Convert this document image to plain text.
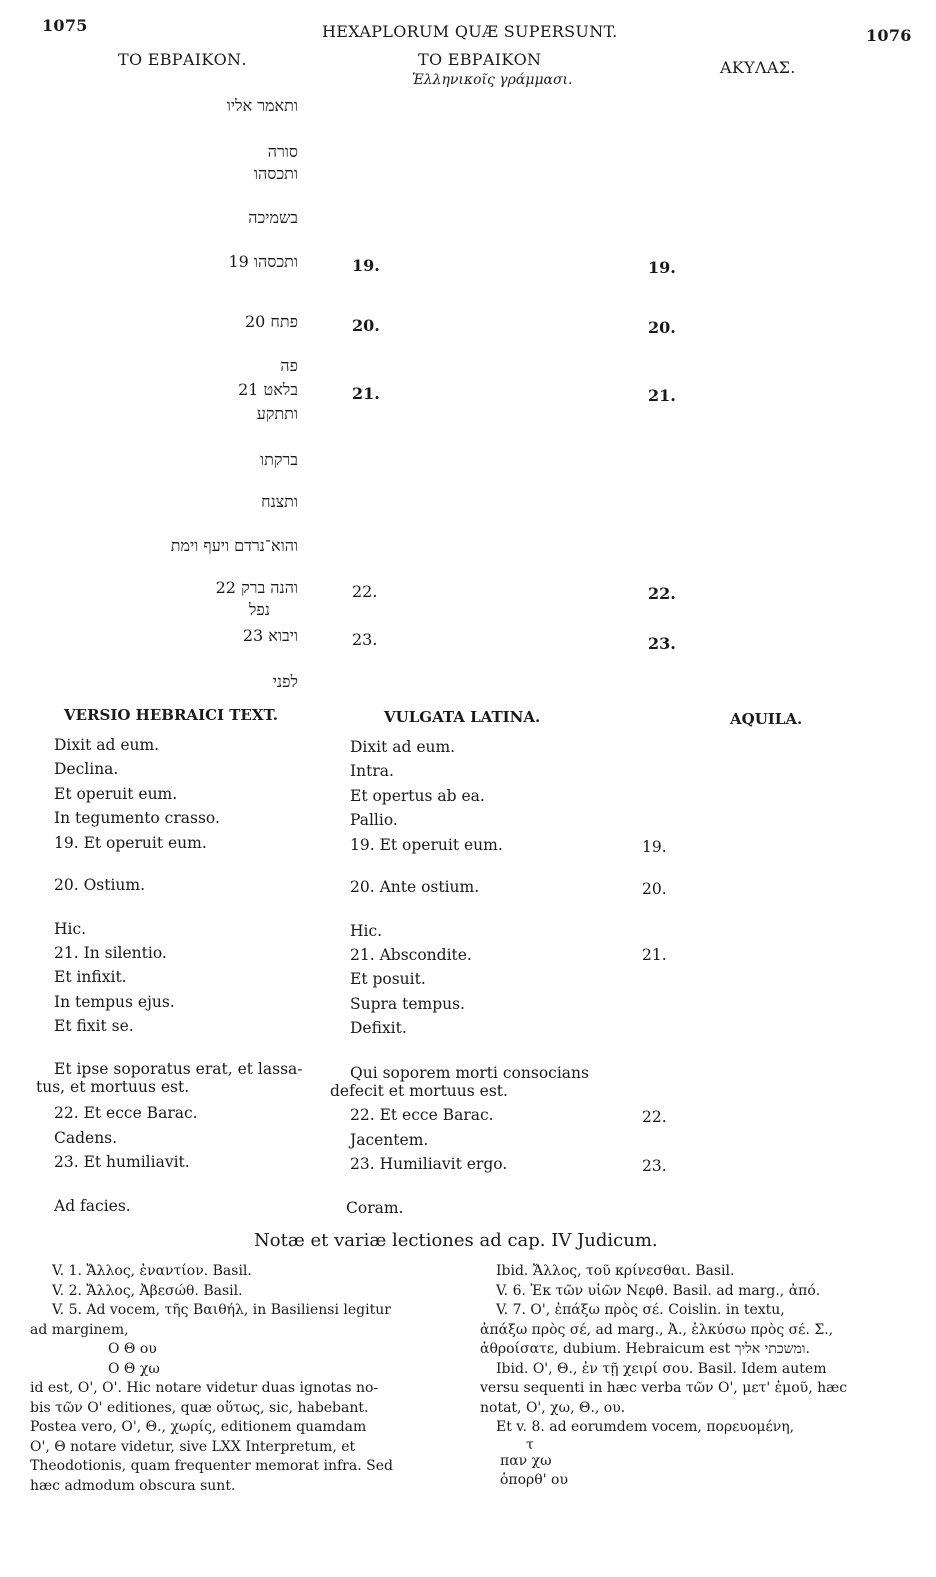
1075	HEXAPLORUM QUÆ SUPERSUNT.	1076
ΤΟ ΕΒΡΑΙΚΟΝ.	ΤΟ ΕΒΡΑΙΚΟΝ
Ἑλληνικοῖς γράμμασι.
ΑΚΥΛΑΣ.
ותאמר אליו
סורה
ותכסהו
בשמיכה
ותכסהו 19	19.	19.
פתח 20	20.	20.
פה
בלאט 21	21.	21.
ותתקע
ברקתו
ותצנח
והוא־נרדם ויעף וימת
והנה ברק 22	22.	22.
נפל
ויבוא 23	23.	23.
לפני
VERSIO HEBRAICI TEXT.	VULGATA LATINA.	AQUILA.
Dixit ad eum.	Dixit ad eum.
Declina.	Intra.
Et operuit eum.	Et opertus ab ea.
In tegumento crasso.	Pallio.
19. Et operuit eum.	19. Et operuit eum.	19.
20. Ostium.	20. Ante ostium.	20.
Hic.	Hic.
21. In silentio.	21. Abscondite.	21.
Et infixit.	Et posuit.
In tempus ejus.	Supra tempus.
Et fixit se.	Defixit.
Et ipse soporatus erat, et lassa-	Qui soporem morti consocians
tus, et mortuus est.	defecit et mortuus est.
22. Et ecce Barac.	22. Et ecce Barac.	22.
Cadens.	Jacentem.
23. Et humiliavit.	23. Humiliavit ergo.	23.
Ad facies.	Coram.
Notæ et variæ lectiones ad cap. IV Judicum.
V. 1. Ἄλλος, ἐναντίον. Basil.
V. 2. Ἄλλος, Ἀβεσώθ. Basil.
V. 5. Ad vocem, τῆς Βαιθήλ, in Basiliensi legitur
ad marginem,
Ο Θ ου
Ο Θ χω
id est, Ο', Ο'. Hic notare videtur duas ignotas no-
bis τῶν Ο' editiones, quæ οὕτως, sic, habebant.
Postea vero, Ο', Θ., χωρίς, editionem quamdam
Ο', Θ notare videtur, sive LXX Interpretum, et
Theodotionis, quam frequenter memorat infra. Sed
hæc admodum obscura sunt.
Ibid. Ἄλλος, τοῦ κρίνεσθαι. Basil.
V. 6. Ἐκ τῶν υἱῶν Νεφθ. Basil. ad marg., ἀπό.
V. 7. Ο', ἐπάξω πρὸς σέ. Coislin. in textu,
ἀπάξω πρὸς σέ, ad marg., Ἀ., ἑλκύσω πρὸς σέ. Σ.,
ἀθροίσατε, dubium. Hebraicum est ומשכתי אליך.
Ibid. Ο', Θ., ἐν τῇ χειρί σου. Basil. Idem autem
versu sequenti in hæc verba τῶν Ο', μετ' ἐμοῦ, hæc
notat, Ο', χω, Θ., ου.
Et v. 8. ad eorumdem vocem, πορευομένη,
τ
παν χω
ὁπορθ' ου
